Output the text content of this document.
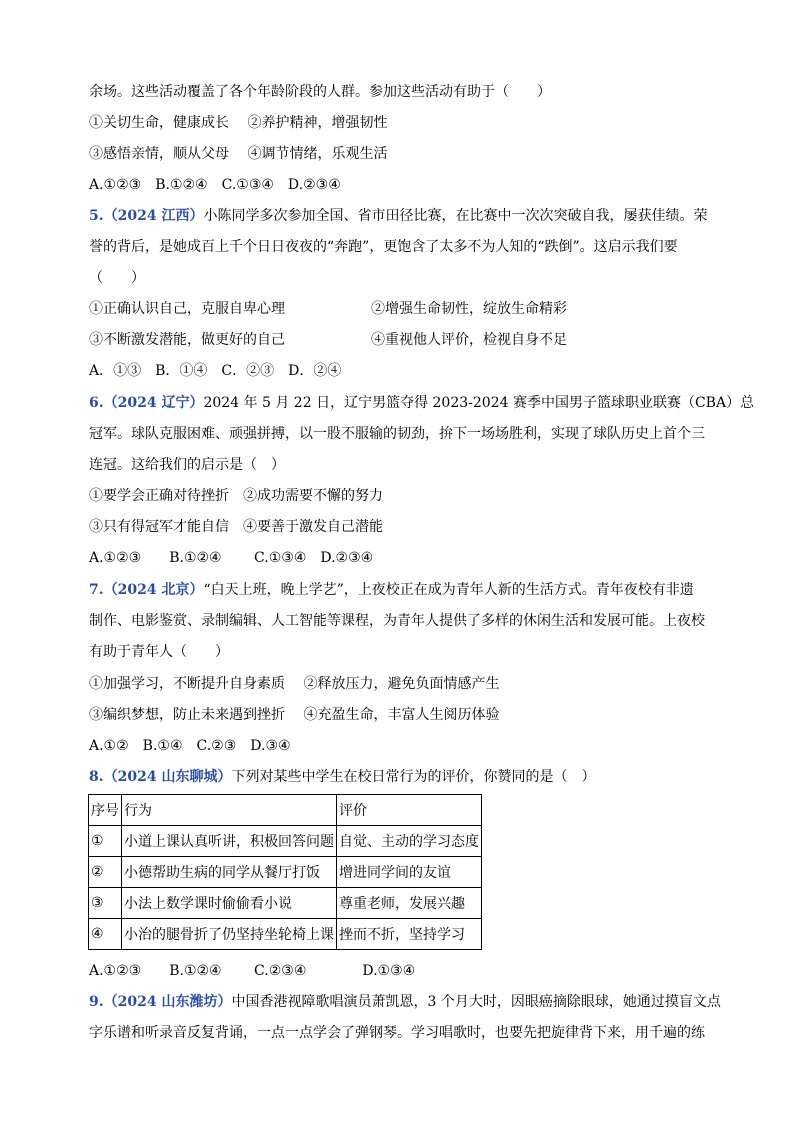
余场。这些活动覆盖了各个年龄阶段的人群。参加这些活动有助于（　　）
①关切生命，健康成长　 ②养护精神，增强韧性
③感悟亲情，顺从父母　 ④调节情绪，乐观生活
A.①②③　B.①②④　C.①③④　D.②③④
5.（2024 江西）小陈同学多次参加全国、省市田径比赛，在比赛中一次次突破自我，屡获佳绩。荣
誉的背后，是她成百上千个日日夜夜的“奔跑”，更饱含了太多不为人知的“跌倒”。这启示我们要
（　　）
①正确认识自己，克服自卑心理	②增强生命韧性，绽放生命精彩
③不断激发潜能，做更好的自己	④重视他人评价，检视自身不足
A．①③　B．①④　C．②③　D．②④
6.（2024 辽宁）2024 年 5 月 22 日，辽宁男篮夺得 2023-2024 赛季中国男子篮球职业联赛（CBA）总
冠军。球队克服困难、顽强拼搏，以一股不服输的韧劲，拚下一场场胜利，实现了球队历史上首个三
连冠。这给我们的启示是（　）
①要学会正确对待挫折　②成功需要不懈的努力
③只有得冠军才能自信　④要善于激发自己潜能
A.①②③　　B.①②④　　 C.①③④　D.②③④
7.（2024 北京）“白天上班，晚上学艺”，上夜校正在成为青年人新的生活方式。青年夜校有非遗
制作、电影鉴赏、录制编辑、人工智能等课程，为青年人提供了多样的休闲生活和发展可能。上夜校
有助于青年人（　　）
①加强学习，不断提升自身素质　 ②释放压力，避免负面情感产生
③编织梦想，防止未来遇到挫折　 ④充盈生命，丰富人生阅历体验
A.①②　B.①④　C.②③　D.③④
8.（2024 山东聊城）下列对某些中学生在校日常行为的评价，你赞同的是（　）
序号	行为	评价
①	小道上课认真听讲，积极回答问题	自觉、主动的学习态度
②	小德帮助生病的同学从餐厅打饭	增进同学间的友谊
③	小法上数学课时偷偷看小说	尊重老师，发展兴趣
④	小治的腿骨折了仍坚持坐轮椅上课	挫而不折，坚持学习
A.①②③　　B.①②④　　 C.②③④　　　　D.①③④
9.（2024 山东潍坊）中国香港视障歌唱演员萧凯恩，3 个月大时，因眼癌摘除眼球，她通过摸盲文点
字乐谱和听录音反复背诵，一点一点学会了弹钢琴。学习唱歌时，也要先把旋律背下来，用千遍的练
